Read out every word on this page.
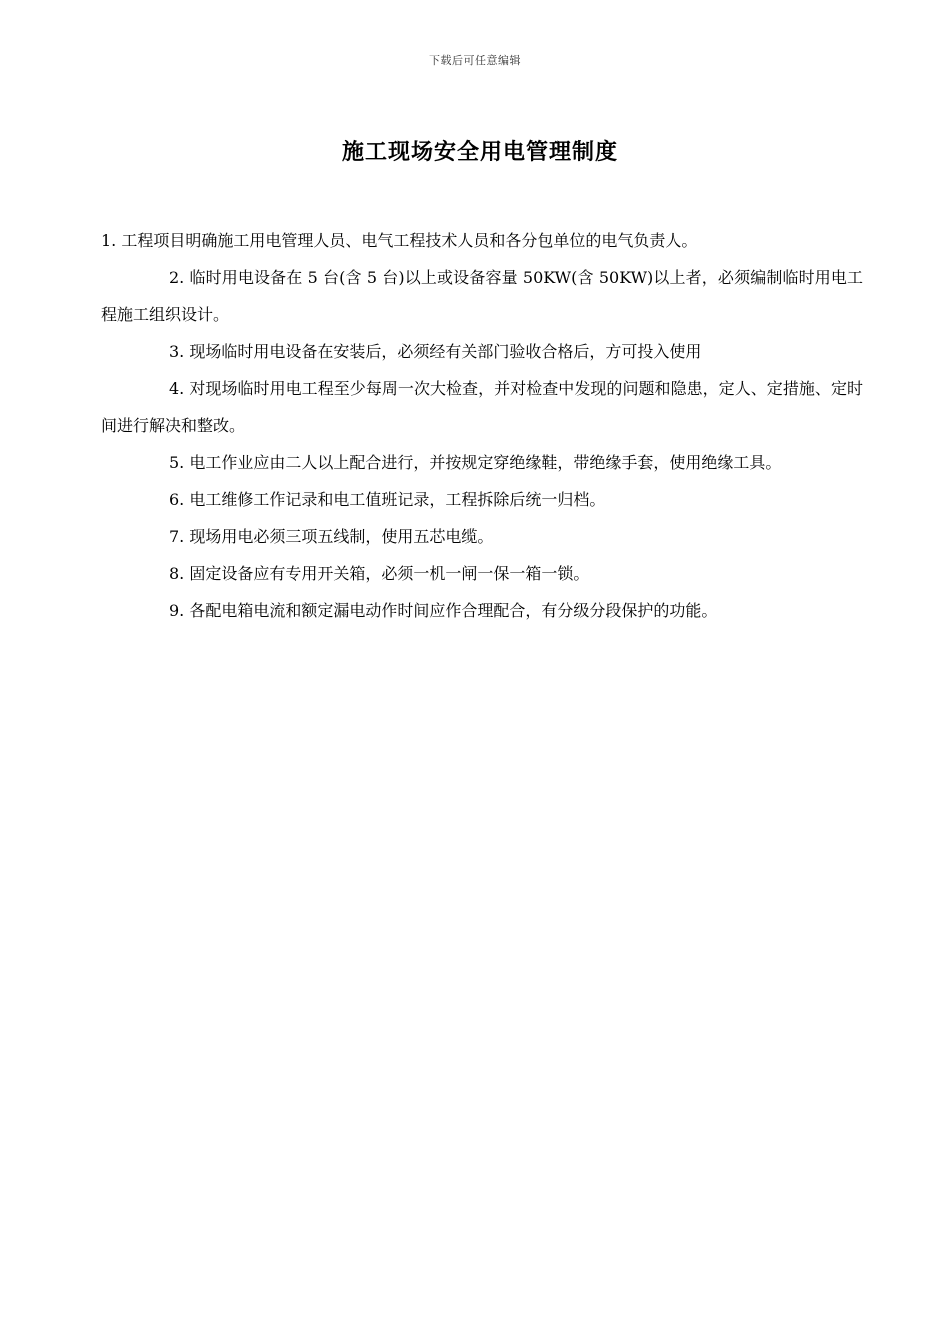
下载后可任意编辑
施工现场安全用电管理制度

1. 工程项目明确施工用电管理人员、电气工程技术人员和各分包单位的电气负责人。

2. 临时用电设备在 5 台(含 5 台)以上或设备容量 50KW(含 50KW)以上者，必须编制临时用电工程施工组织设计。

3. 现场临时用电设备在安装后，必须经有关部门验收合格后，方可投入使用

4. 对现场临时用电工程至少每周一次大检查，并对检查中发现的问题和隐患，定人、定措施、定时间进行解决和整改。

5. 电工作业应由二人以上配合进行，并按规定穿绝缘鞋，带绝缘手套，使用绝缘工具。

6. 电工维修工作记录和电工值班记录，工程拆除后统一归档。

7. 现场用电必须三项五线制，使用五芯电缆。

8. 固定设备应有专用开关箱，必须一机一闸一保一箱一锁。

9. 各配电箱电流和额定漏电动作时间应作合理配合，有分级分段保护的功能。
